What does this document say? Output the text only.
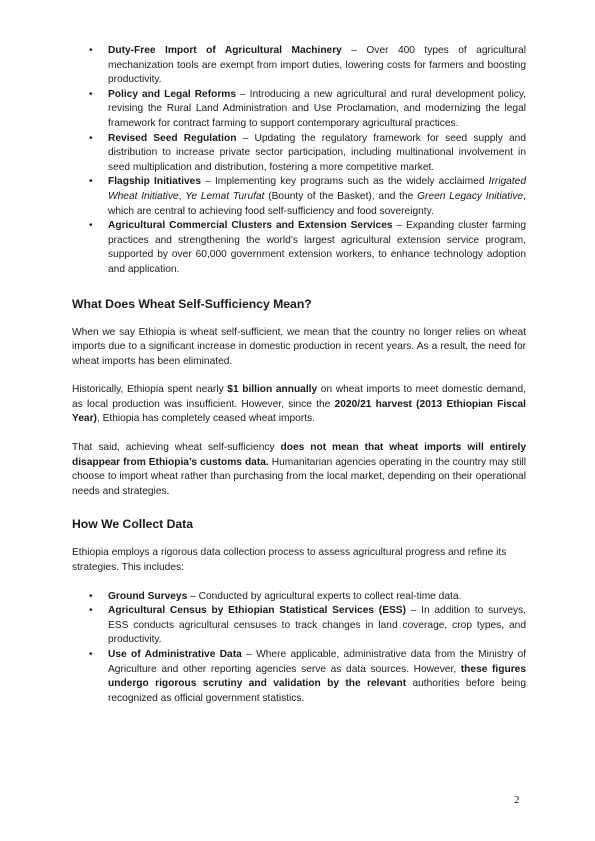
• Duty-Free Import of Agricultural Machinery – Over 400 types of agricultural mechanization tools are exempt from import duties, lowering costs for farmers and boosting productivity.
• Policy and Legal Reforms – Introducing a new agricultural and rural development policy, revising the Rural Land Administration and Use Proclamation, and modernizing the legal framework for contract farming to support contemporary agricultural practices.
• Revised Seed Regulation – Updating the regulatory framework for seed supply and distribution to increase private sector participation, including multinational involvement in seed multiplication and distribution, fostering a more competitive market.
• Flagship Initiatives – Implementing key programs such as the widely acclaimed Irrigated Wheat Initiative, Ye Lemat Turufat (Bounty of the Basket), and the Green Legacy Initiative, which are central to achieving food self-sufficiency and food sovereignty.
• Agricultural Commercial Clusters and Extension Services – Expanding cluster farming practices and strengthening the world’s largest agricultural extension service program, supported by over 60,000 government extension workers, to enhance technology adoption and application.
What Does Wheat Self-Sufficiency Mean?

When we say Ethiopia is wheat self-sufficient, we mean that the country no longer relies on wheat imports due to a significant increase in domestic production in recent years. As a result, the need for wheat imports has been eliminated.

Historically, Ethiopia spent nearly $1 billion annually on wheat imports to meet domestic demand, as local production was insufficient. However, since the 2020/21 harvest (2013 Ethiopian Fiscal Year), Ethiopia has completely ceased wheat imports.

That said, achieving wheat self-sufficiency does not mean that wheat imports will entirely disappear from Ethiopia’s customs data. Humanitarian agencies operating in the country may still choose to import wheat rather than purchasing from the local market, depending on their operational needs and strategies.

How We Collect Data

Ethiopia employs a rigorous data collection process to assess agricultural progress and refine its strategies. This includes:

• Ground Surveys – Conducted by agricultural experts to collect real-time data.
• Agricultural Census by Ethiopian Statistical Services (ESS) – In addition to surveys, ESS conducts agricultural censuses to track changes in land coverage, crop types, and productivity.
• Use of Administrative Data – Where applicable, administrative data from the Ministry of Agriculture and other reporting agencies serve as data sources. However, these figures undergo rigorous scrutiny and validation by the relevant authorities before being recognized as official government statistics.
2
